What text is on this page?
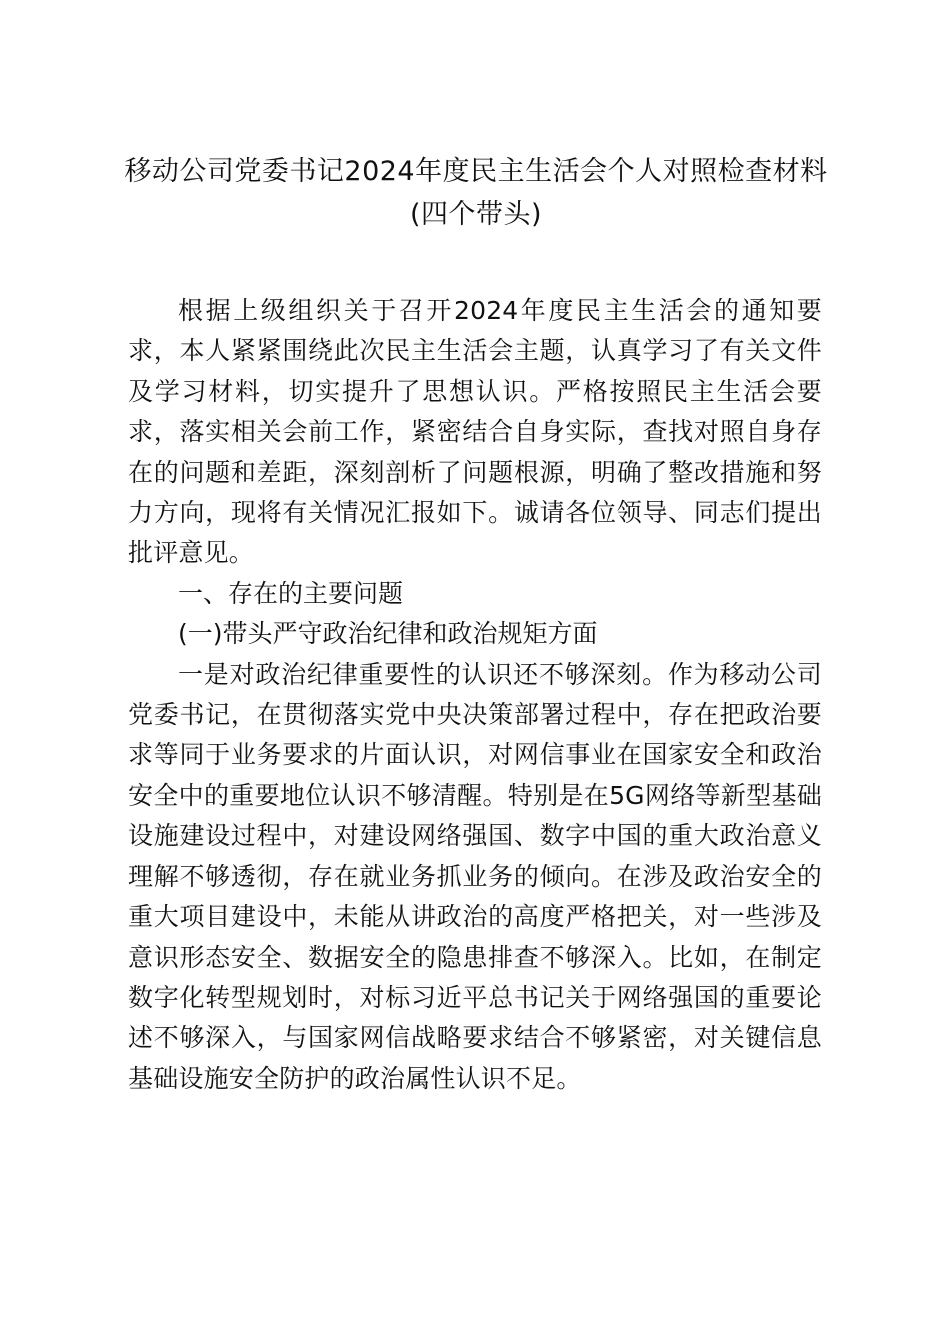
移动公司党委书记2024年度民主生活会个人对照检查材料(四个带头)

根据上级组织关于召开2024年度民主生活会的通知要求，本人紧紧围绕此次民主生活会主题，认真学习了有关文件及学习材料，切实提升了思想认识。严格按照民主生活会要求，落实相关会前工作，紧密结合自身实际，查找对照自身存在的问题和差距，深刻剖析了问题根源，明确了整改措施和努力方向，现将有关情况汇报如下。诚请各位领导、同志们提出批评意见。

一、存在的主要问题

(一)带头严守政治纪律和政治规矩方面

一是对政治纪律重要性的认识还不够深刻。作为移动公司党委书记，在贯彻落实党中央决策部署过程中，存在把政治要求等同于业务要求的片面认识，对网信事业在国家安全和政治安全中的重要地位认识不够清醒。特别是在5G网络等新型基础设施建设过程中，对建设网络强国、数字中国的重大政治意义理解不够透彻，存在就业务抓业务的倾向。在涉及政治安全的重大项目建设中，未能从讲政治的高度严格把关，对一些涉及意识形态安全、数据安全的隐患排查不够深入。比如，在制定数字化转型规划时，对标习近平总书记关于网络强国的重要论述不够深入，与国家网信战略要求结合不够紧密，对关键信息基础设施安全防护的政治属性认识不足。
